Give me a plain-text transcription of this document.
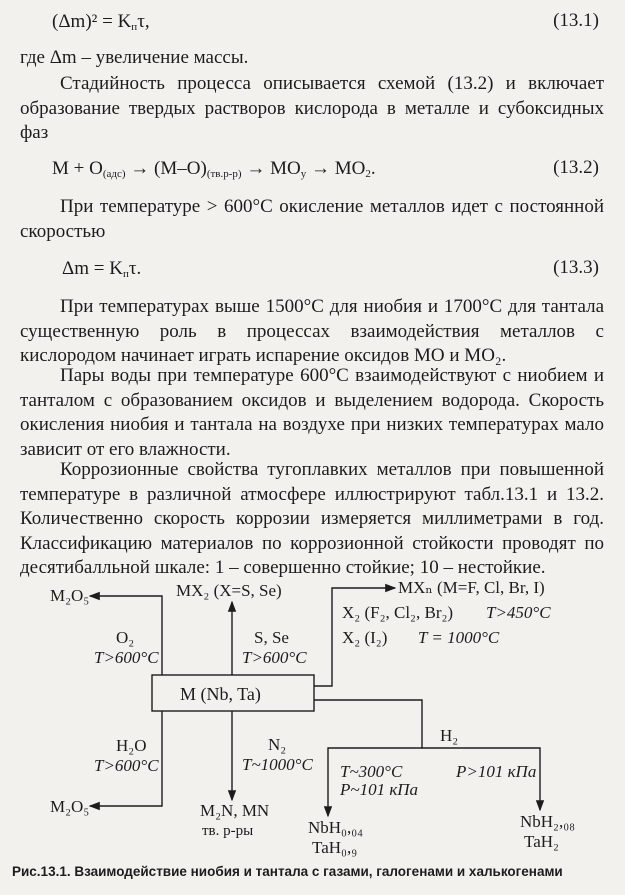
$(\Delta m)^2 = K_п\tau$,	(13.1)
где Δm – увеличение массы.
Стадийность процесса описывается схемой (13.2) и включает образование твердых растворов кислорода в металле и субоксидных фаз
$M + O_{(адс)} \to (M-O)_{(тв.р-р)} \to MO_y \to MO_2$.	(13.2)
При температуре > 600°C окисление металлов идет с постоянной скоростью
$\Delta m = K_п\tau$.	(13.3)
При температурах выше 1500°C для ниобия и 1700°C для тантала существенную роль в процессах взаимодействия металлов с кислородом начинает играть испарение оксидов MO и MO₂.
Пары воды при температуре 600°C взаимодействуют с ниобием и танталом с образованием оксидов и выделением водорода. Скорость окисления ниобия и тантала на воздухе при низких температурах мало зависит от его влажности.
Коррозионные свойства тугоплавких металлов при повышенной температуре в различной атмосфере иллюстрируют табл.13.1 и 13.2. Количественно скорость коррозии измеряется миллиметрами в год. Классификацию материалов по коррозионной стойкости проводят по десятибалльной шкале: 1 – совершенно стойкие; 10 – нестойкие.
MX₂ (X=S, Se)
M₂O₅
O₂
T>600°C
S, Se
T>600°C
MXₙ (M=F, Cl, Br, I)
X₂ (F₂, Cl₂, Br₂) T>450°C
X₂ (I₂) T = 1000°C
M (Nb, Ta)
H₂O
T>600°C
N₂
T~1000°C
H₂
T~300°C
P~101 кПа
P>101 кПа
M₂O₅	M₂N, MN
тв. р-ры	NbH₀,₀₄
TaH₀,₉
NbH₂,₀₈
TaH₂
Рис.13.1. Взаимодействие ниобия и тантала с газами, галогенами и халькогенами
